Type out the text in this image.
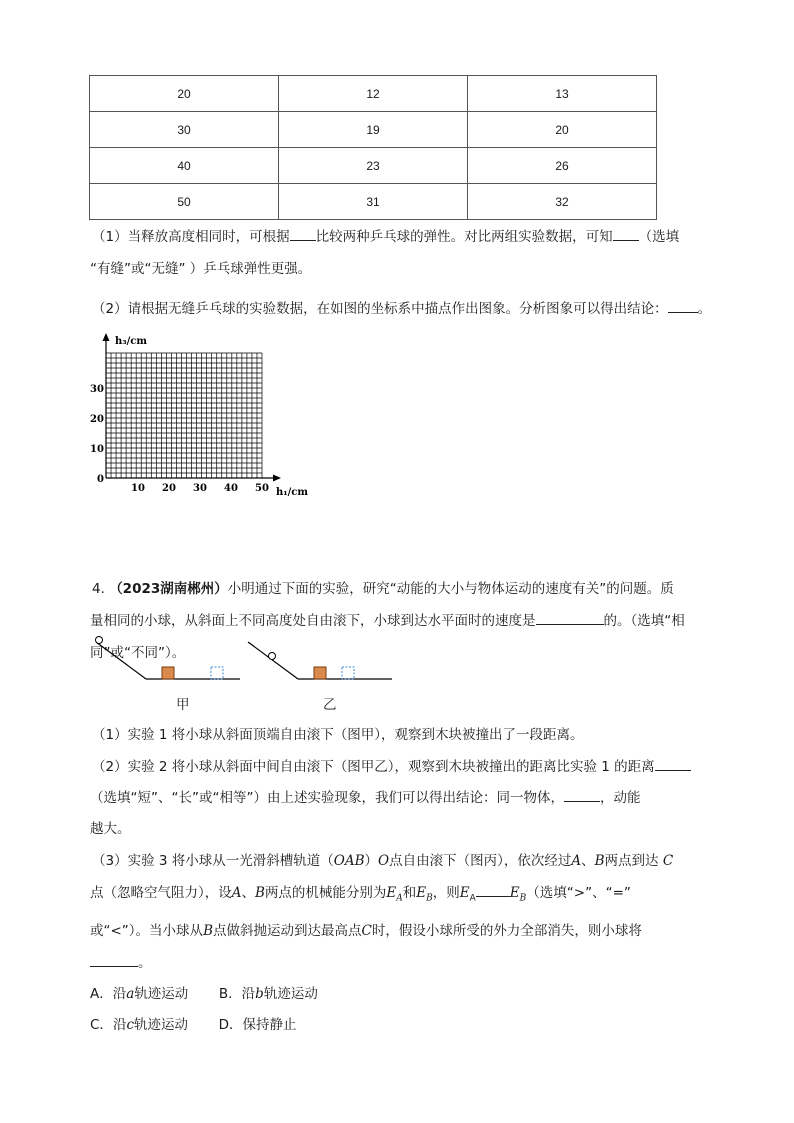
20	12	13
30	19	20
40	23	26
50	31	32
（1）当释放高度相同时，可根据 比较两种乒乓球的弹性。对比两组实验数据，可知 （选填
“有缝”或“无缝” ）乒乓球弹性更强。
（2）请根据无缝乒乓球的实验数据，在如图的坐标系中描点作出图象。分析图象可以得出结论： 。
h₃/cm
h₁/cm
0
10
20
30
10 20 30 40 50
4. （2023湖南郴州）小明通过下面的实验，研究“动能的大小与物体运动的速度有关”的问题。质
量相同的小球，从斜面上不同高度处自由滚下，小球到达水平面时的速度是	的。（选填“相
同”或“不同”）。
甲	乙
（1）实验 1 将小球从斜面顶端自由滚下（图甲），观察到木块被撞出了一段距离。
（2）实验 2 将小球从斜面中间自由滚下（图甲乙），观察到木块被撞出的距离比实验 1 的距离
（选填“短”、“长”或“相等”）由上述实验现象，我们可以得出结论：同一物体，	，动能
越大。
（3）实验 3 将小球从一光滑斜槽轨道（OAB）O点自由滚下（图丙），依次经过A、B两点到达 C
点（忽略空气阻力），设A、B两点的机械能分别为$E_A$和$E_B$，则$E_A$	$E_B$（选填“>”、“=”
或“<”）。当小球从B点做斜抛运动到达最高点C时，假设小球所受的外力全部消失，则小球将
。
A．沿a轨迹运动 B．沿b轨迹运动
C．沿c轨迹运动 D．保持静止
